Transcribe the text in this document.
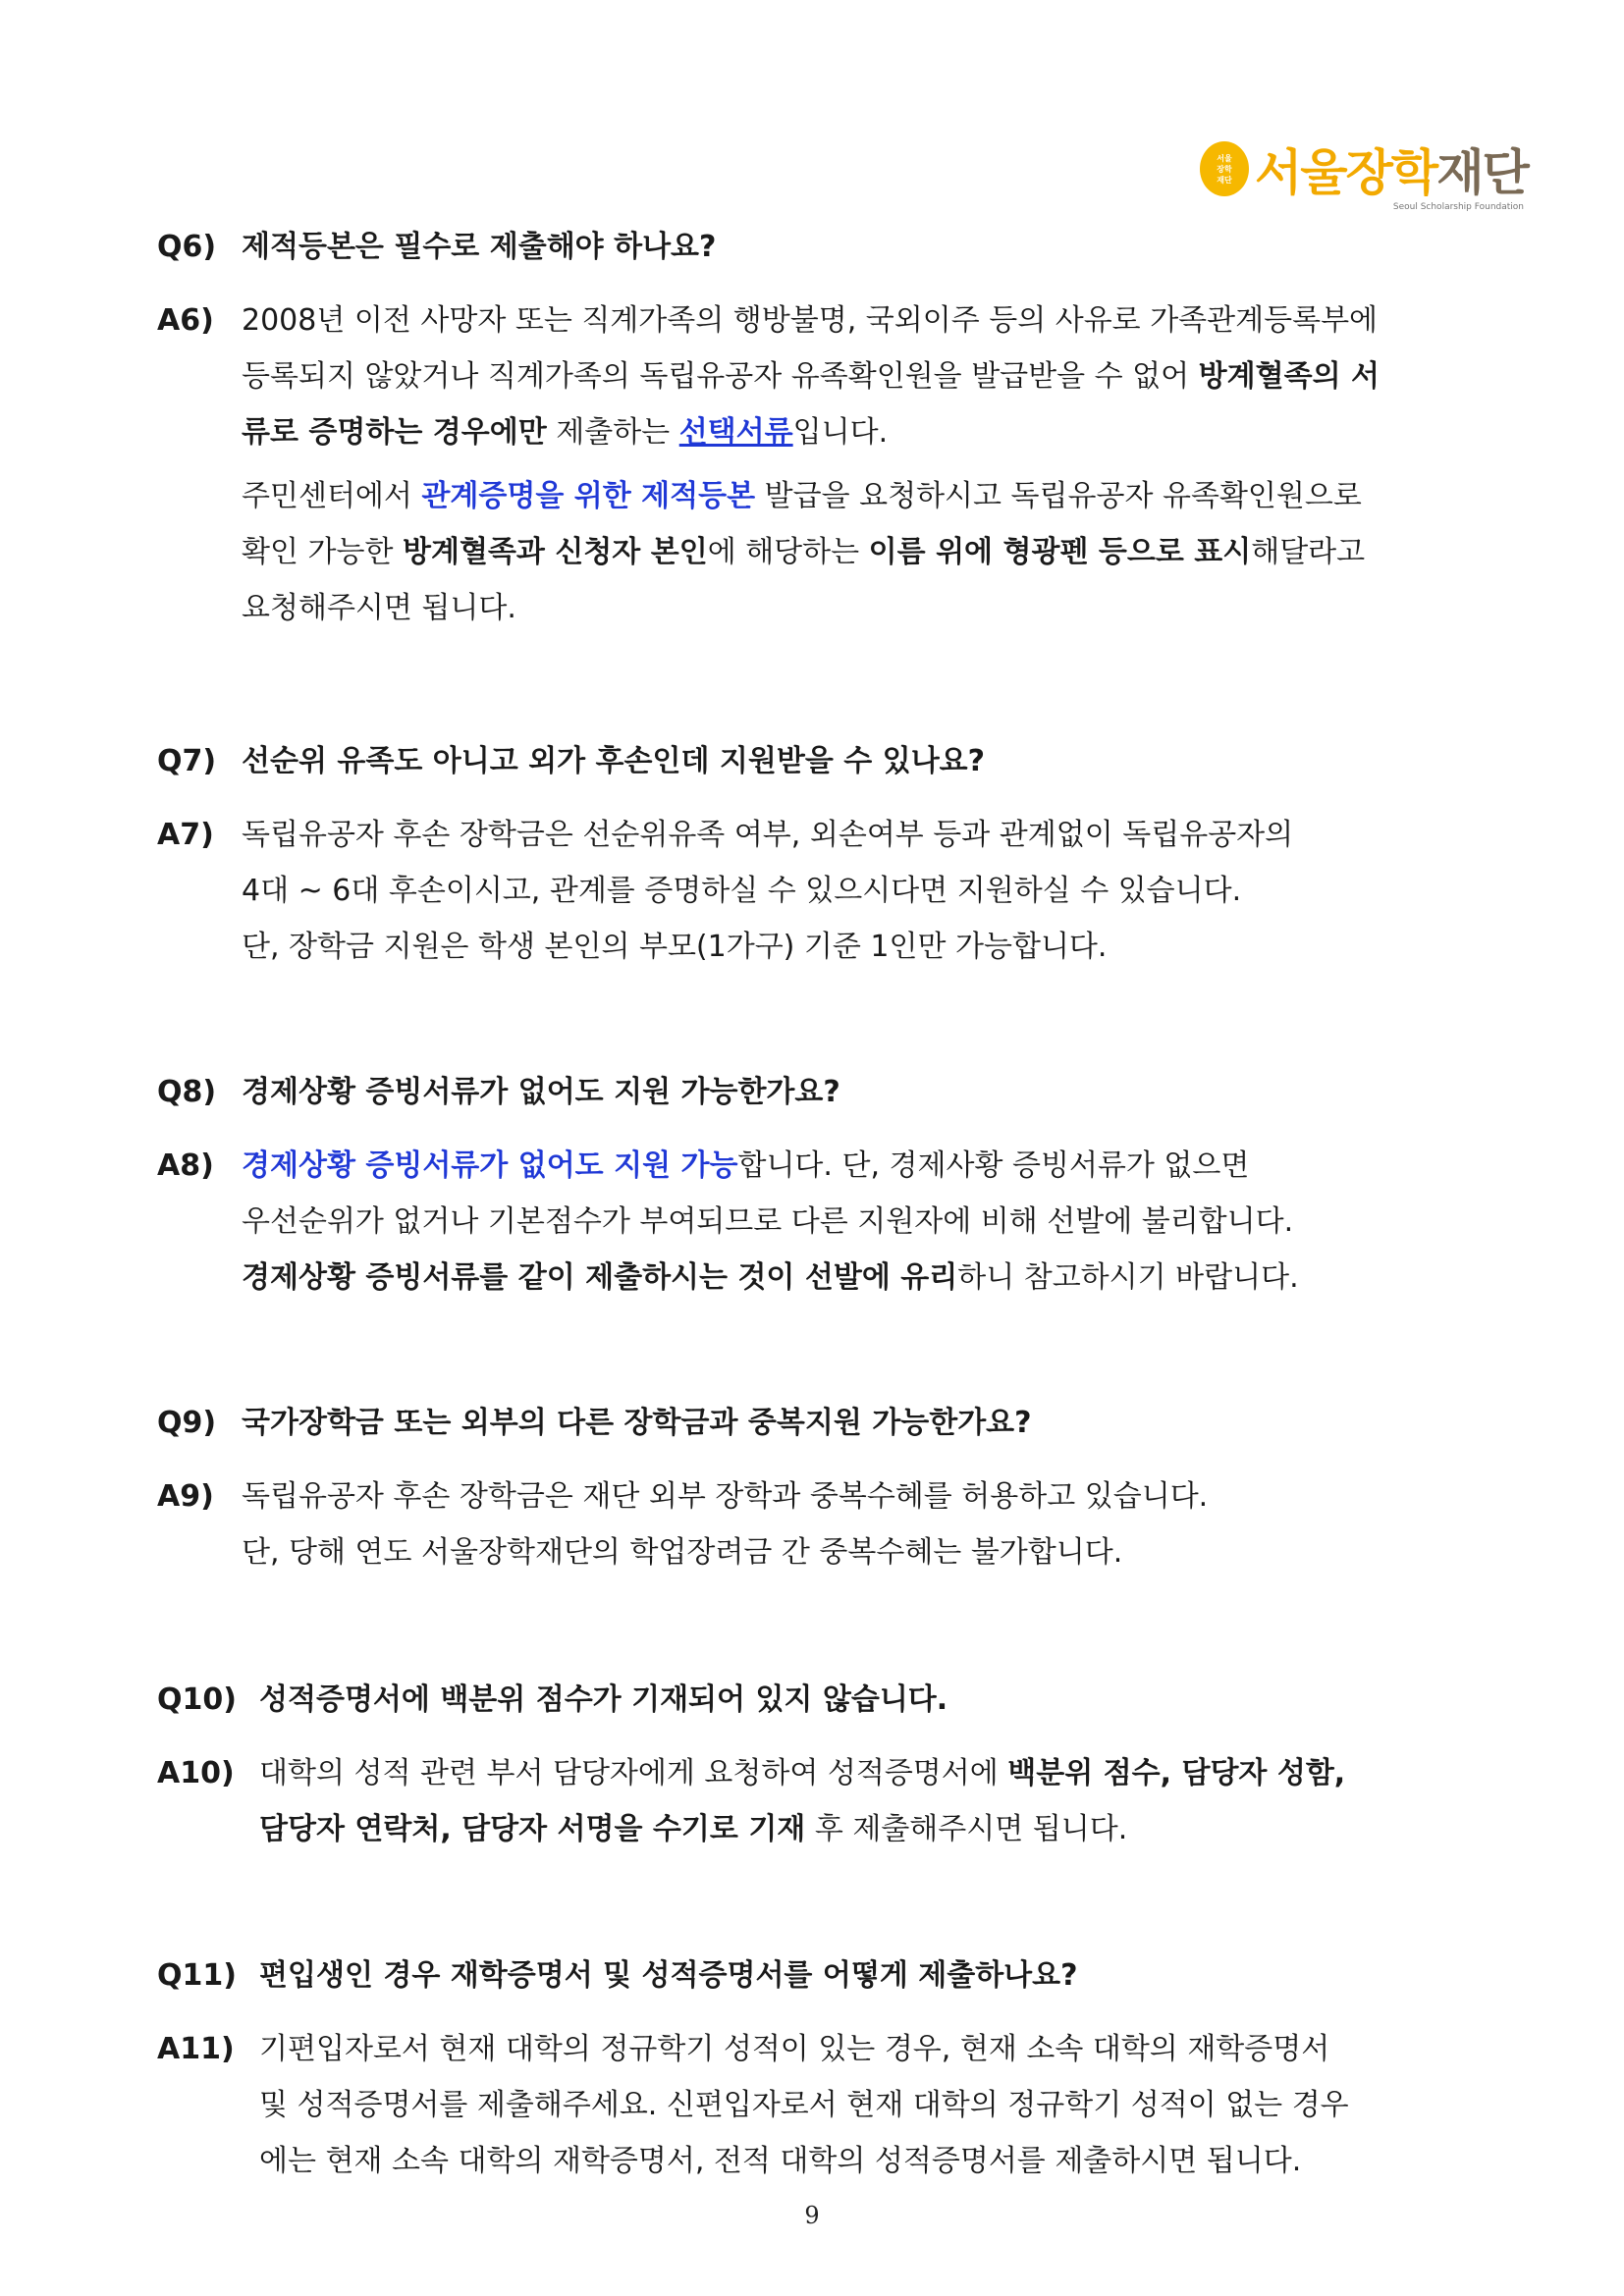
서울
장학
재단 서울장학재단
Seoul Scholarship Foundation
Q6) 제적등본은 필수로 제출해야 하나요?
A6) 2008년 이전 사망자 또는 직계가족의 행방불명, 국외이주 등의 사유로 가족관계등록부에
등록되지 않았거나 직계가족의 독립유공자 유족확인원을 발급받을 수 없어 방계혈족의 서
류로 증명하는 경우에만 제출하는 선택서류입니다.
주민센터에서 관계증명을 위한 제적등본 발급을 요청하시고 독립유공자 유족확인원으로
확인 가능한 방계혈족과 신청자 본인에 해당하는 이름 위에 형광펜 등으로 표시해달라고
요청해주시면 됩니다.
Q7) 선순위 유족도 아니고 외가 후손인데 지원받을 수 있나요?
A7) 독립유공자 후손 장학금은 선순위유족 여부, 외손여부 등과 관계없이 독립유공자의
4대 ~ 6대 후손이시고, 관계를 증명하실 수 있으시다면 지원하실 수 있습니다.
단, 장학금 지원은 학생 본인의 부모(1가구) 기준 1인만 가능합니다.
Q8) 경제상황 증빙서류가 없어도 지원 가능한가요?
A8) 경제상황 증빙서류가 없어도 지원 가능합니다. 단, 경제사황 증빙서류가 없으면
우선순위가 없거나 기본점수가 부여되므로 다른 지원자에 비해 선발에 불리합니다.
경제상황 증빙서류를 같이 제출하시는 것이 선발에 유리하니 참고하시기 바랍니다.
Q9) 국가장학금 또는 외부의 다른 장학금과 중복지원 가능한가요?
A9) 독립유공자 후손 장학금은 재단 외부 장학과 중복수혜를 허용하고 있습니다.
단, 당해 연도 서울장학재단의 학업장려금 간 중복수혜는 불가합니다.
Q10) 성적증명서에 백분위 점수가 기재되어 있지 않습니다.
A10) 대학의 성적 관련 부서 담당자에게 요청하여 성적증명서에 백분위 점수, 담당자 성함,
담당자 연락처, 담당자 서명을 수기로 기재 후 제출해주시면 됩니다.
Q11) 편입생인 경우 재학증명서 및 성적증명서를 어떻게 제출하나요?
A11) 기편입자로서 현재 대학의 정규학기 성적이 있는 경우, 현재 소속 대학의 재학증명서
및 성적증명서를 제출해주세요. 신편입자로서 현재 대학의 정규학기 성적이 없는 경우
에는 현재 소속 대학의 재학증명서, 전적 대학의 성적증명서를 제출하시면 됩니다.
9
